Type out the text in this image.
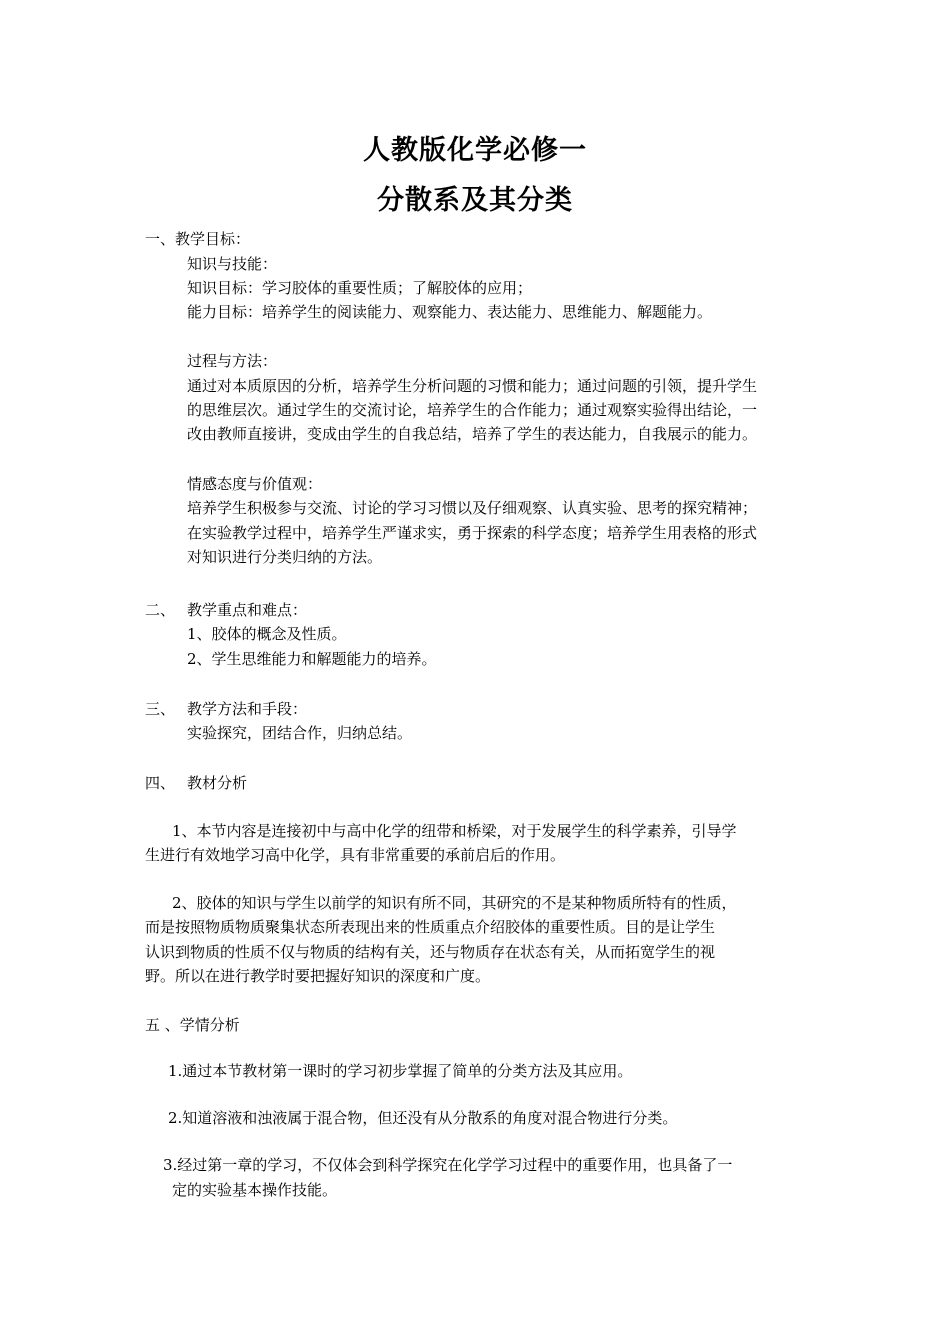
人教版化学必修一
分散系及其分类
一、教学目标：
知识与技能：
知识目标：学习胶体的重要性质；了解胶体的应用；
能力目标：培养学生的阅读能力、观察能力、表达能力、思维能力、解题能力。
过程与方法：
通过对本质原因的分析，培养学生分析问题的习惯和能力；通过问题的引领，提升学生
的思维层次。通过学生的交流讨论，培养学生的合作能力；通过观察实验得出结论，一
改由教师直接讲，变成由学生的自我总结，培养了学生的表达能力，自我展示的能力。
情感态度与价值观：
培养学生积极参与交流、讨论的学习习惯以及仔细观察、认真实验、思考的探究精神；
在实验教学过程中，培养学生严谨求实，勇于探索的科学态度；培养学生用表格的形式
对知识进行分类归纳的方法。
二、 教学重点和难点：
1、胶体的概念及性质。
2、学生思维能力和解题能力的培养。
三、 教学方法和手段：
实验探究，团结合作，归纳总结。
四、 教材分析
1、本节内容是连接初中与高中化学的纽带和桥梁，对于发展学生的科学素养，引导学
生进行有效地学习高中化学，具有非常重要的承前启后的作用。
2、胶体的知识与学生以前学的知识有所不同，其研究的不是某种物质所特有的性质，
而是按照物质物质聚集状态所表现出来的性质重点介绍胶体的重要性质。目的是让学生
认识到物质的性质不仅与物质的结构有关，还与物质存在状态有关，从而拓宽学生的视
野。所以在进行教学时要把握好知识的深度和广度。
五 、学情分析
1.通过本节教材第一课时的学习初步掌握了简单的分类方法及其应用。
2.知道溶液和浊液属于混合物，但还没有从分散系的角度对混合物进行分类。
3.经过第一章的学习，不仅体会到科学探究在化学学习过程中的重要作用，也具备了一
定的实验基本操作技能。
